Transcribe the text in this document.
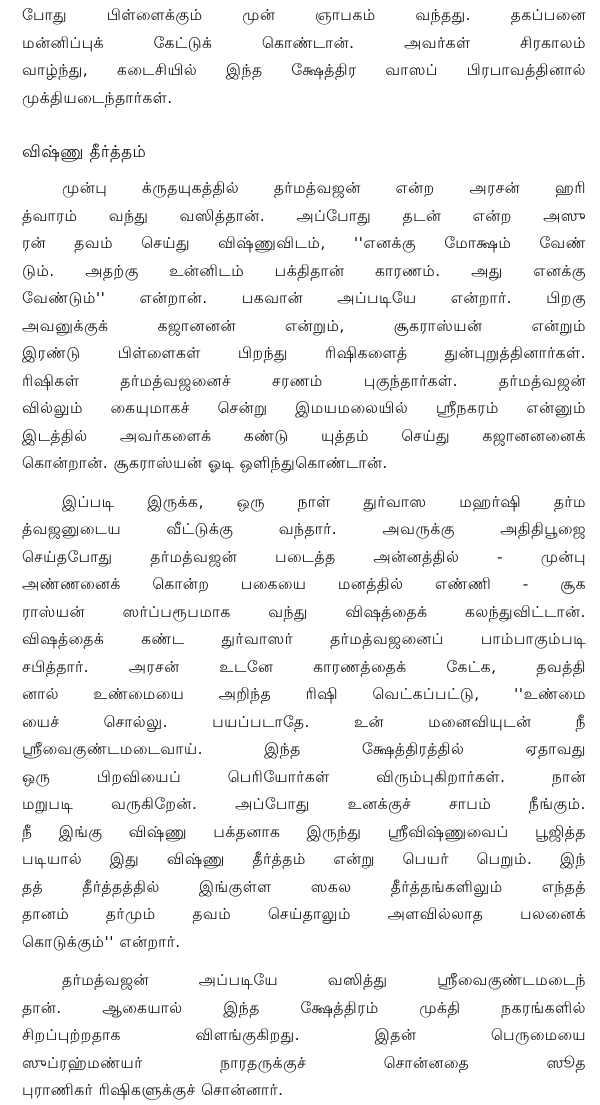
போது பிள்ளைக்கும் முன் ஞாபகம் வந்தது. தகப்பனை
மன்னிப்புக் கேட்டுக் கொண்டான். அவர்கள் சிரகாலம்
வாழ்ந்து, கடைசியில் இந்த க்ஷேத்திர வாஸப் பிரபாவத்தினால்
முக்தியடைந்தார்கள்.
விஷ்ணு தீர்த்தம்
முன்பு க்ருதயுகத்தில் தர்மத்வஜன் என்ற அரசன் ஹரி
த்வாரம் வந்து வஸித்தான். அப்போது தடன் என்ற அஸு
ரன் தவம் செய்து விஷ்ணுவிடம், ''எனக்கு மோக்ஷம் வேண்
டும். அதற்கு உன்னிடம் பக்திதான் காரணம். அது எனக்கு
வேண்டும்'' என்றான். பகவான் அப்படியே என்றார். பிறகு
அவனுக்குக் கஜானனன் என்றும், சூகராஸ்யன் என்றும்
இரண்டு பிள்ளைகள் பிறந்து ரிஷிகளைத் துன்புறுத்தினார்கள்.
ரிஷிகள் தர்மத்வஜனைச் சரணம் புகுந்தார்கள். தர்மத்வஜன்
வில்லும் கையுமாகச் சென்று இமயமலையில் ஸ்ரீநகரம் என்னும்
இடத்தில் அவர்களைக் கண்டு யுத்தம் செய்து கஜானனனைக்
கொன்றான். சூகராஸ்யன் ஓடி ஒளிந்துகொண்டான்.
இப்படி இருக்க, ஒரு நாள் துர்வாஸ மஹர்ஷி தர்ம
த்வஜனுடைய வீட்டுக்கு வந்தார். அவருக்கு அதிதிபூஜை
செய்தபோது தர்மத்வஜன் படைத்த அன்னத்தில் - முன்பு
அண்ணனைக் கொன்ற பகையை மனத்தில் எண்ணி - சூக
ராஸ்யன் ஸர்ப்பரூபமாக வந்து விஷத்தைக் கலந்துவிட்டான்.
விஷத்தைக் கண்ட துர்வாஸர் தர்மத்வஜனைப் பாம்பாகும்படி
சபித்தார். அரசன் உடனே காரணத்தைக் கேட்க, தவத்தி
னால் உண்மையை அறிந்த ரிஷி வெட்கப்பட்டு, ''உண்மை
யைச் சொல்லு. பயப்படாதே. உன் மனைவியுடன் நீ
ஸ்ரீவைகுண்டமடைவாய். இந்த க்ஷேத்திரத்தில் ஏதாவது
ஒரு பிறவியைப் பெரியோர்கள் விரும்புகிறார்கள். நான்
மறுபடி வருகிறேன். அப்போது உனக்குச் சாபம் நீங்கும்.
நீ இங்கு விஷ்ணு பக்தனாக இருந்து ஸ்ரீவிஷ்ணுவைப் பூஜித்த
படியால் இது விஷ்ணு தீர்த்தம் என்று பெயர் பெறும். இந்
தத் தீர்த்தத்தில் இங்குள்ள ஸகல தீர்த்தங்களிலும் எந்தத்
தானம் தர்மும் தவம் செய்தாலும் அளவில்லாத பலனைக்
கொடுக்கும்'' என்றார்.
தர்மத்வஜன் அப்படியே வஸித்து ஸ்ரீவைகுண்டமடைந்
தான். ஆகையால் இந்த க்ஷேத்திரம் முக்தி நகரங்களில்
சிறப்புற்றதாக விளங்குகிறது. இதன் பெருமையை
ஸுப்ரஹ்மண்யர் நாரதருக்குச் சொன்னதை ஸூத
புராணிகர் ரிஷிகளுக்குச் சொன்னார்.
